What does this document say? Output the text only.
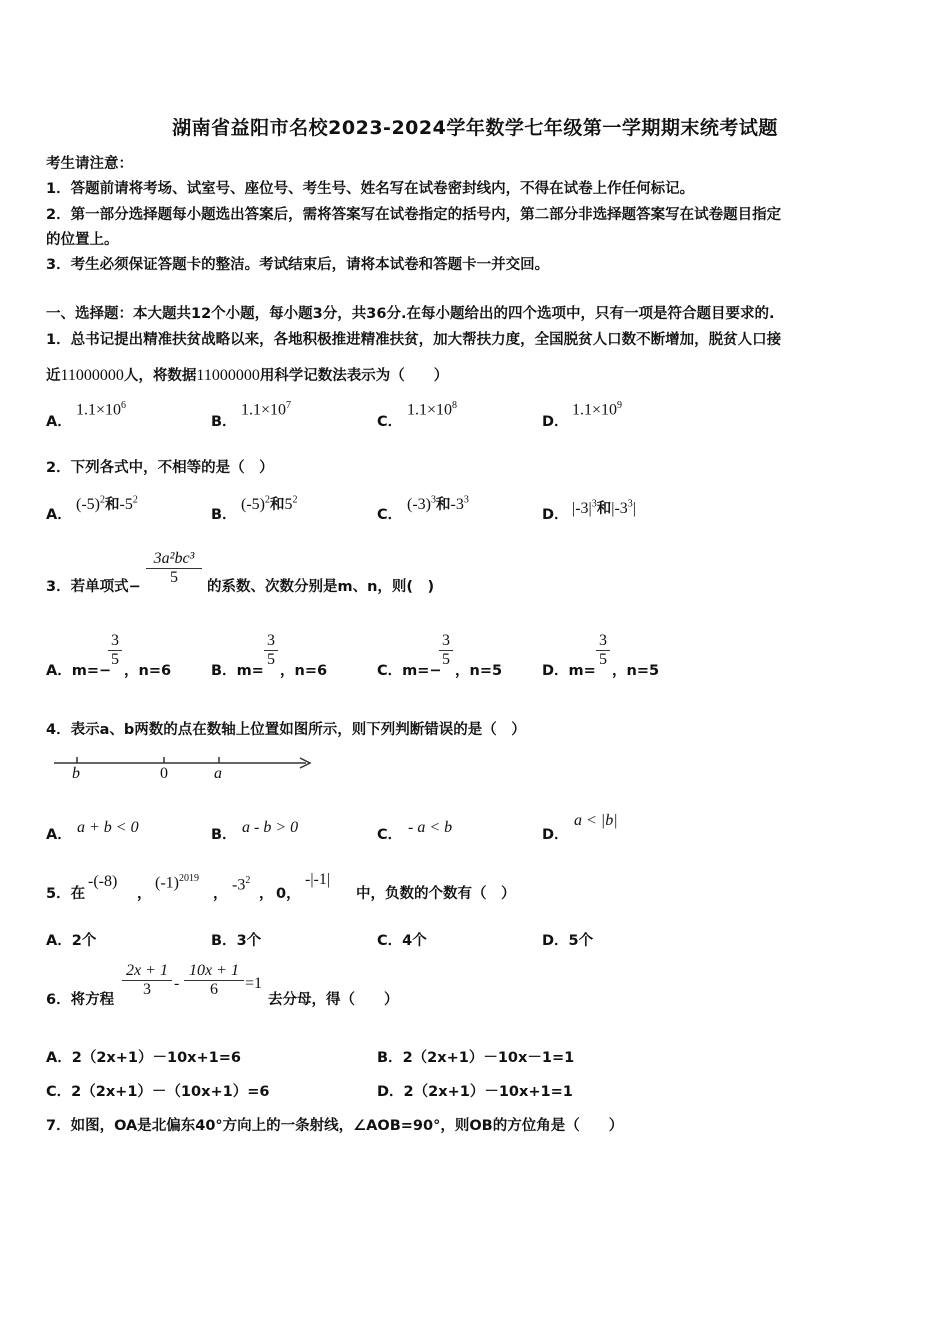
湖南省益阳市名校2023-2024学年数学七年级第一学期期末统考试题
考生请注意：
1．答题前请将考场、试室号、座位号、考生号、姓名写在试卷密封线内，不得在试卷上作任何标记。
2．第一部分选择题每小题选出答案后，需将答案写在试卷指定的括号内，第二部分非选择题答案写在试卷题目指定
的位置上。
3．考生必须保证答题卡的整洁。考试结束后，请将本试卷和答题卡一并交回。
一、选择题：本大题共12个小题，每小题3分，共36分.在每小题给出的四个选项中，只有一项是符合题目要求的.
1．总书记提出精准扶贫战略以来，各地积极推进精准扶贫，加大帮扶力度，全国脱贫人口数不断增加，脱贫人口接
近11000000人，将数据11000000用科学记数法表示为（　　）
A．
$1.1\times 10^6$
B．
$1.1\times 10^7$
C．
$1.1\times 10^8$
D．
$1.1\times 10^9$
2．下列各式中，不相等的是（　）
A．
$(-5)^2$和$-5^2$
B．
$(-5)^2$和$5^2$
C．
$(-3)^3$和$-3^3$
D． $|-3|^3$和$|-3^3|$
3．若单项式− $\frac{\text{3a²bc³}}{5}$ 的系数、次数分别是m、n，则(　)
A．m=−
$\frac{3}{5}$
，n=6	B．m=
$\frac{3}{5}$
，n=6	C．m=−
$\frac{3}{5}$
，n=5	D．m=
$\frac{3}{5}$
，n=5
4．表示a、b两数的点在数轴上位置如图所示，则下列判断错误的是（　）
b	0	a
A． a + b < 0	B． a - b > 0	C． - a < b	D．
a < |b|
5．在
-(-8)
，
$(-1)^{2019}$
，
$-3^2$
， 0，
-|-1|
中，负数的个数有（　）
A．2个	B．3个	C．4个	D．5个
6．将方程
$\frac{2x + 1}{3} - \frac{10x + 1}{6} =1$
去分母，得（　　）
A．2（2x+1）－10x+1=6	B．2（2x+1）－10x－1=1
C．2（2x+1）－（10x+1）=6	D．2（2x+1）－10x+1=1
7．如图，OA是北偏东40°方向上的一条射线，∠AOB=90°，则OB的方位角是（　　）
